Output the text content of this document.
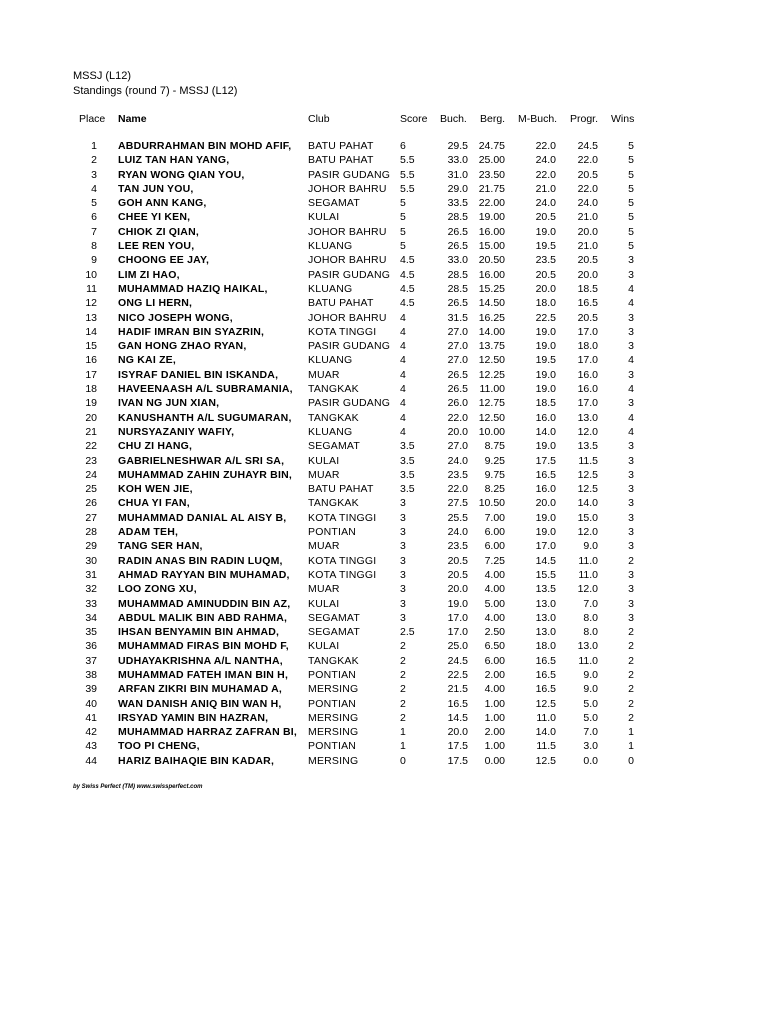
MSSJ (L12)
Standings (round 7) - MSSJ (L12)
Place Name	Club	Score Buch. Berg. M-Buch. Progr. Wins
1 ABDURRAHMAN BIN MOHD AFIF, BATU PAHAT	6	29.5	24.75	22.0	24.5	5
2 LUIZ TAN HAN YANG,	BATU PAHAT	5.5	33.0	25.00	24.0	22.0	5
3 RYAN WONG QIAN YOU,	PASIR GUDANG 5.5	31.0	23.50	22.0	20.5	5
4 TAN JUN YOU,	JOHOR BAHRU 5.5	29.0	21.75	21.0	22.0	5
5 GOH ANN KANG,	SEGAMAT	5	33.5	22.00	24.0	24.0	5
6 CHEE YI KEN,	KULAI	5	28.5	19.00	20.5	21.0	5
7 CHIOK ZI QIAN,	JOHOR BAHRU 5	26.5	16.00	19.0	20.0	5
8 LEE REN YOU,	KLUANG	5	26.5	15.00	19.5	21.0	5
9 CHOONG EE JAY,	JOHOR BAHRU 4.5	33.0	20.50	23.5	20.5	3
10 LIM ZI HAO,	PASIR GUDANG 4.5	28.5	16.00	20.5	20.0	3
11 MUHAMMAD HAZIQ HAIKAL,	KLUANG	4.5	28.5	15.25	20.0	18.5	4
12 ONG LI HERN,	BATU PAHAT	4.5	26.5	14.50	18.0	16.5	4
13 NICO JOSEPH WONG,	JOHOR BAHRU 4	31.5	16.25	22.5	20.5	3
14 HADIF IMRAN BIN SYAZRIN,	KOTA TINGGI 4	27.0	14.00	19.0	17.0	3
15 GAN HONG ZHAO RYAN,	PASIR GUDANG 4	27.0	13.75	19.0	18.0	3
16 NG KAI ZE,	KLUANG	4	27.0	12.50	19.5	17.0	4
17 ISYRAF DANIEL BIN ISKANDA,	MUAR	4	26.5	12.25	19.0	16.0	3
18 HAVEENAASH A/L SUBRAMANIA, TANGKAK	4	26.5	11.00	19.0	16.0	4
19 IVAN NG JUN XIAN,	PASIR GUDANG 4	26.0	12.75	18.5	17.0	3
20 KANUSHANTH A/L SUGUMARAN, TANGKAK	4	22.0	12.50	16.0	13.0	4
21 NURSYAZANIY WAFIY,	KLUANG	4	20.0	10.00	14.0	12.0	4
22 CHU ZI HANG,	SEGAMAT	3.5	27.0	8.75	19.0	13.5	3
23 GABRIELNESHWAR A/L SRI SA, KULAI	3.5	24.0	9.25	17.5	11.5	3
24 MUHAMMAD ZAHIN ZUHAYR BIN, MUAR	3.5	23.5	9.75	16.5	12.5	3
25 KOH WEN JIE,	BATU PAHAT	3.5	22.0	8.25	16.0	12.5	3
26 CHUA YI FAN,	TANGKAK	3	27.5	10.50	20.0	14.0	3
27 MUHAMMAD DANIAL AL AISY B, KOTA TINGGI 3	25.5	7.00	19.0	15.0	3
28 ADAM TEH,	PONTIAN	3	24.0	6.00	19.0	12.0	3
29 TANG SER HAN,	MUAR	3	23.5	6.00	17.0	9.0	3
30 RADIN ANAS BIN RADIN LUQM, KOTA TINGGI 3	20.5	7.25	14.5	11.0	2
31 AHMAD RAYYAN BIN MUHAMAD, KOTA TINGGI 3	20.5	4.00	15.5	11.0	3
32 LOO ZONG XU,	MUAR	3	20.0	4.00	13.5	12.0	3
33 MUHAMMAD AMINUDDIN BIN AZ, KULAI	3	19.0	5.00	13.0	7.0	3
34 ABDUL MALIK BIN ABD RAHMA, SEGAMAT	3	17.0	4.00	13.0	8.0	3
35 IHSAN BENYAMIN BIN AHMAD,	SEGAMAT	2.5	17.0	2.50	13.0	8.0	2
36 MUHAMMAD FIRAS BIN MOHD F, KULAI	2	25.0	6.50	18.0	13.0	2
37 UDHAYAKRISHNA A/L NANTHA, TANGKAK	2	24.5	6.00	16.5	11.0	2
38 MUHAMMAD FATEH IMAN BIN H, PONTIAN	2	22.5	2.00	16.5	9.0	2
39 ARFAN ZIKRI BIN MUHAMAD A, MERSING	2	21.5	4.00	16.5	9.0	2
40 WAN DANISH ANIQ BIN WAN H,	PONTIAN	2	16.5	1.00	12.5	5.0	2
41 IRSYAD YAMIN BIN HAZRAN,	MERSING	2	14.5	1.00	11.0	5.0	2
42 MUHAMMAD HARRAZ ZAFRAN BI, MERSING	1	20.0	2.00	14.0	7.0	1
43 TOO PI CHENG,	PONTIAN	1	17.5	1.00	11.5	3.0	1
44 HARIZ BAIHAQIE BIN KADAR,	MERSING	0	17.5	0.00	12.5	0.0	0
by Swiss Perfect (TM) www.swissperfect.com
